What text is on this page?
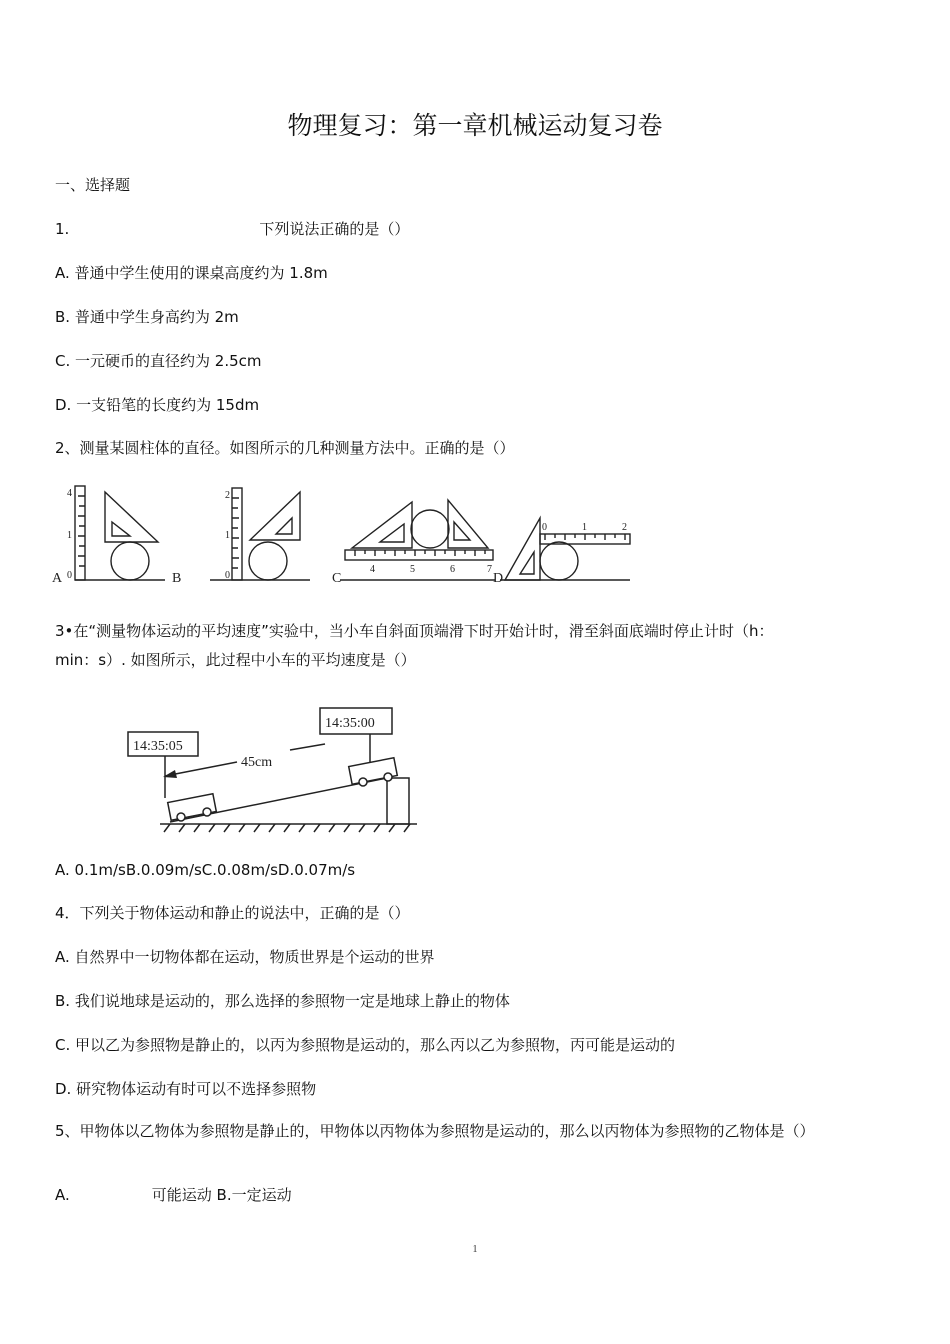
物理复习：第一章机械运动复习卷
一、选择题
1.	下列说法正确的是（）
A. 普通中学生使用的课桌高度约为 1.8m
B. 普通中学生身高约为 2m
C. 一元硬币的直径约为 2.5cm
D. 一支铅笔的长度约为 15dm
2、测量某圆柱体的直径。如图所示的几种测量方法中。正确的是（）
4
1
0
2
1
0
4	5	6	7
0	1	2
A	B	C	D
3•在“测量物体运动的平均速度”实验中，当小车自斜面顶端滑下时开始计时，滑至斜面底端时停止计时（h：
min：s）. 如图所示，此过程中小车的平均速度是（）
14:35:05
14:35:00
45cm
A. 0.1m/sB.0.09m/sC.0.08m/sD.0.07m/s
4．下列关于物体运动和静止的说法中，正确的是（）
A. 自然界中一切物体都在运动，物质世界是个运动的世界
B. 我们说地球是运动的，那么选择的参照物一定是地球上静止的物体
C. 甲以乙为参照物是静止的，以丙为参照物是运动的，那么丙以乙为参照物，丙可能是运动的
D. 研究物体运动有时可以不选择参照物
5、甲物体以乙物体为参照物是静止的，甲物体以丙物体为参照物是运动的，那么以丙物体为参照物的乙物体是（）
A.	可能运动 B.一定运动
1
